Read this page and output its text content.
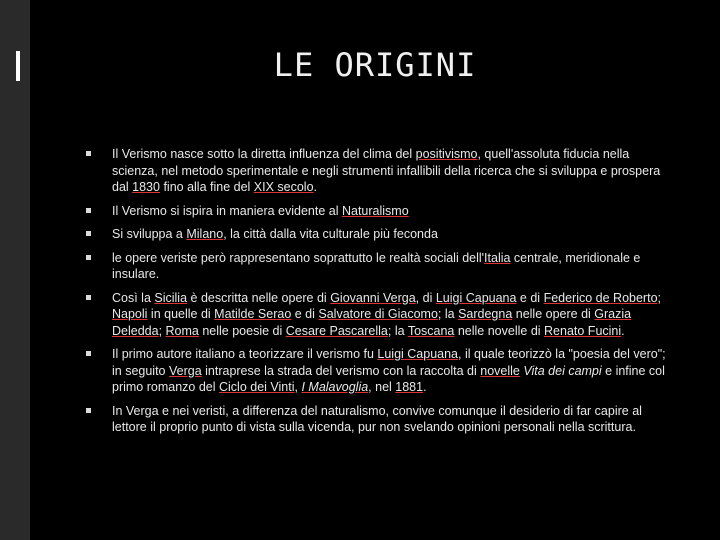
LE ORIGINI
Il Verismo nasce sotto la diretta influenza del clima del positivismo, quell'assoluta fiducia nella scienza, nel metodo sperimentale e negli strumenti infallibili della ricerca che si sviluppa e prospera dal 1830 fino alla fine del XIX secolo.
Il Verismo si ispira in maniera evidente al Naturalismo
Si sviluppa a Milano, la città dalla vita culturale più feconda
le opere veriste però rappresentano soprattutto le realtà sociali dell'Italia centrale, meridionale e insulare.
Così la Sicilia è descritta nelle opere di Giovanni Verga, di Luigi Capuana e di Federico de Roberto; Napoli in quelle di Matilde Serao e di Salvatore di Giacomo; la Sardegna nelle opere di Grazia Deledda; Roma nelle poesie di Cesare Pascarella; la Toscana nelle novelle di Renato Fucini.
Il primo autore italiano a teorizzare il verismo fu Luigi Capuana, il quale teorizzò la "poesia del vero"; in seguito Verga intraprese la strada del verismo con la raccolta di novelle Vita dei campi e infine col primo romanzo del Ciclo dei Vinti, I Malavoglia, nel 1881.
In Verga e nei veristi, a differenza del naturalismo, convive comunque il desiderio di far capire al lettore il proprio punto di vista sulla vicenda, pur non svelando opinioni personali nella scrittura.
